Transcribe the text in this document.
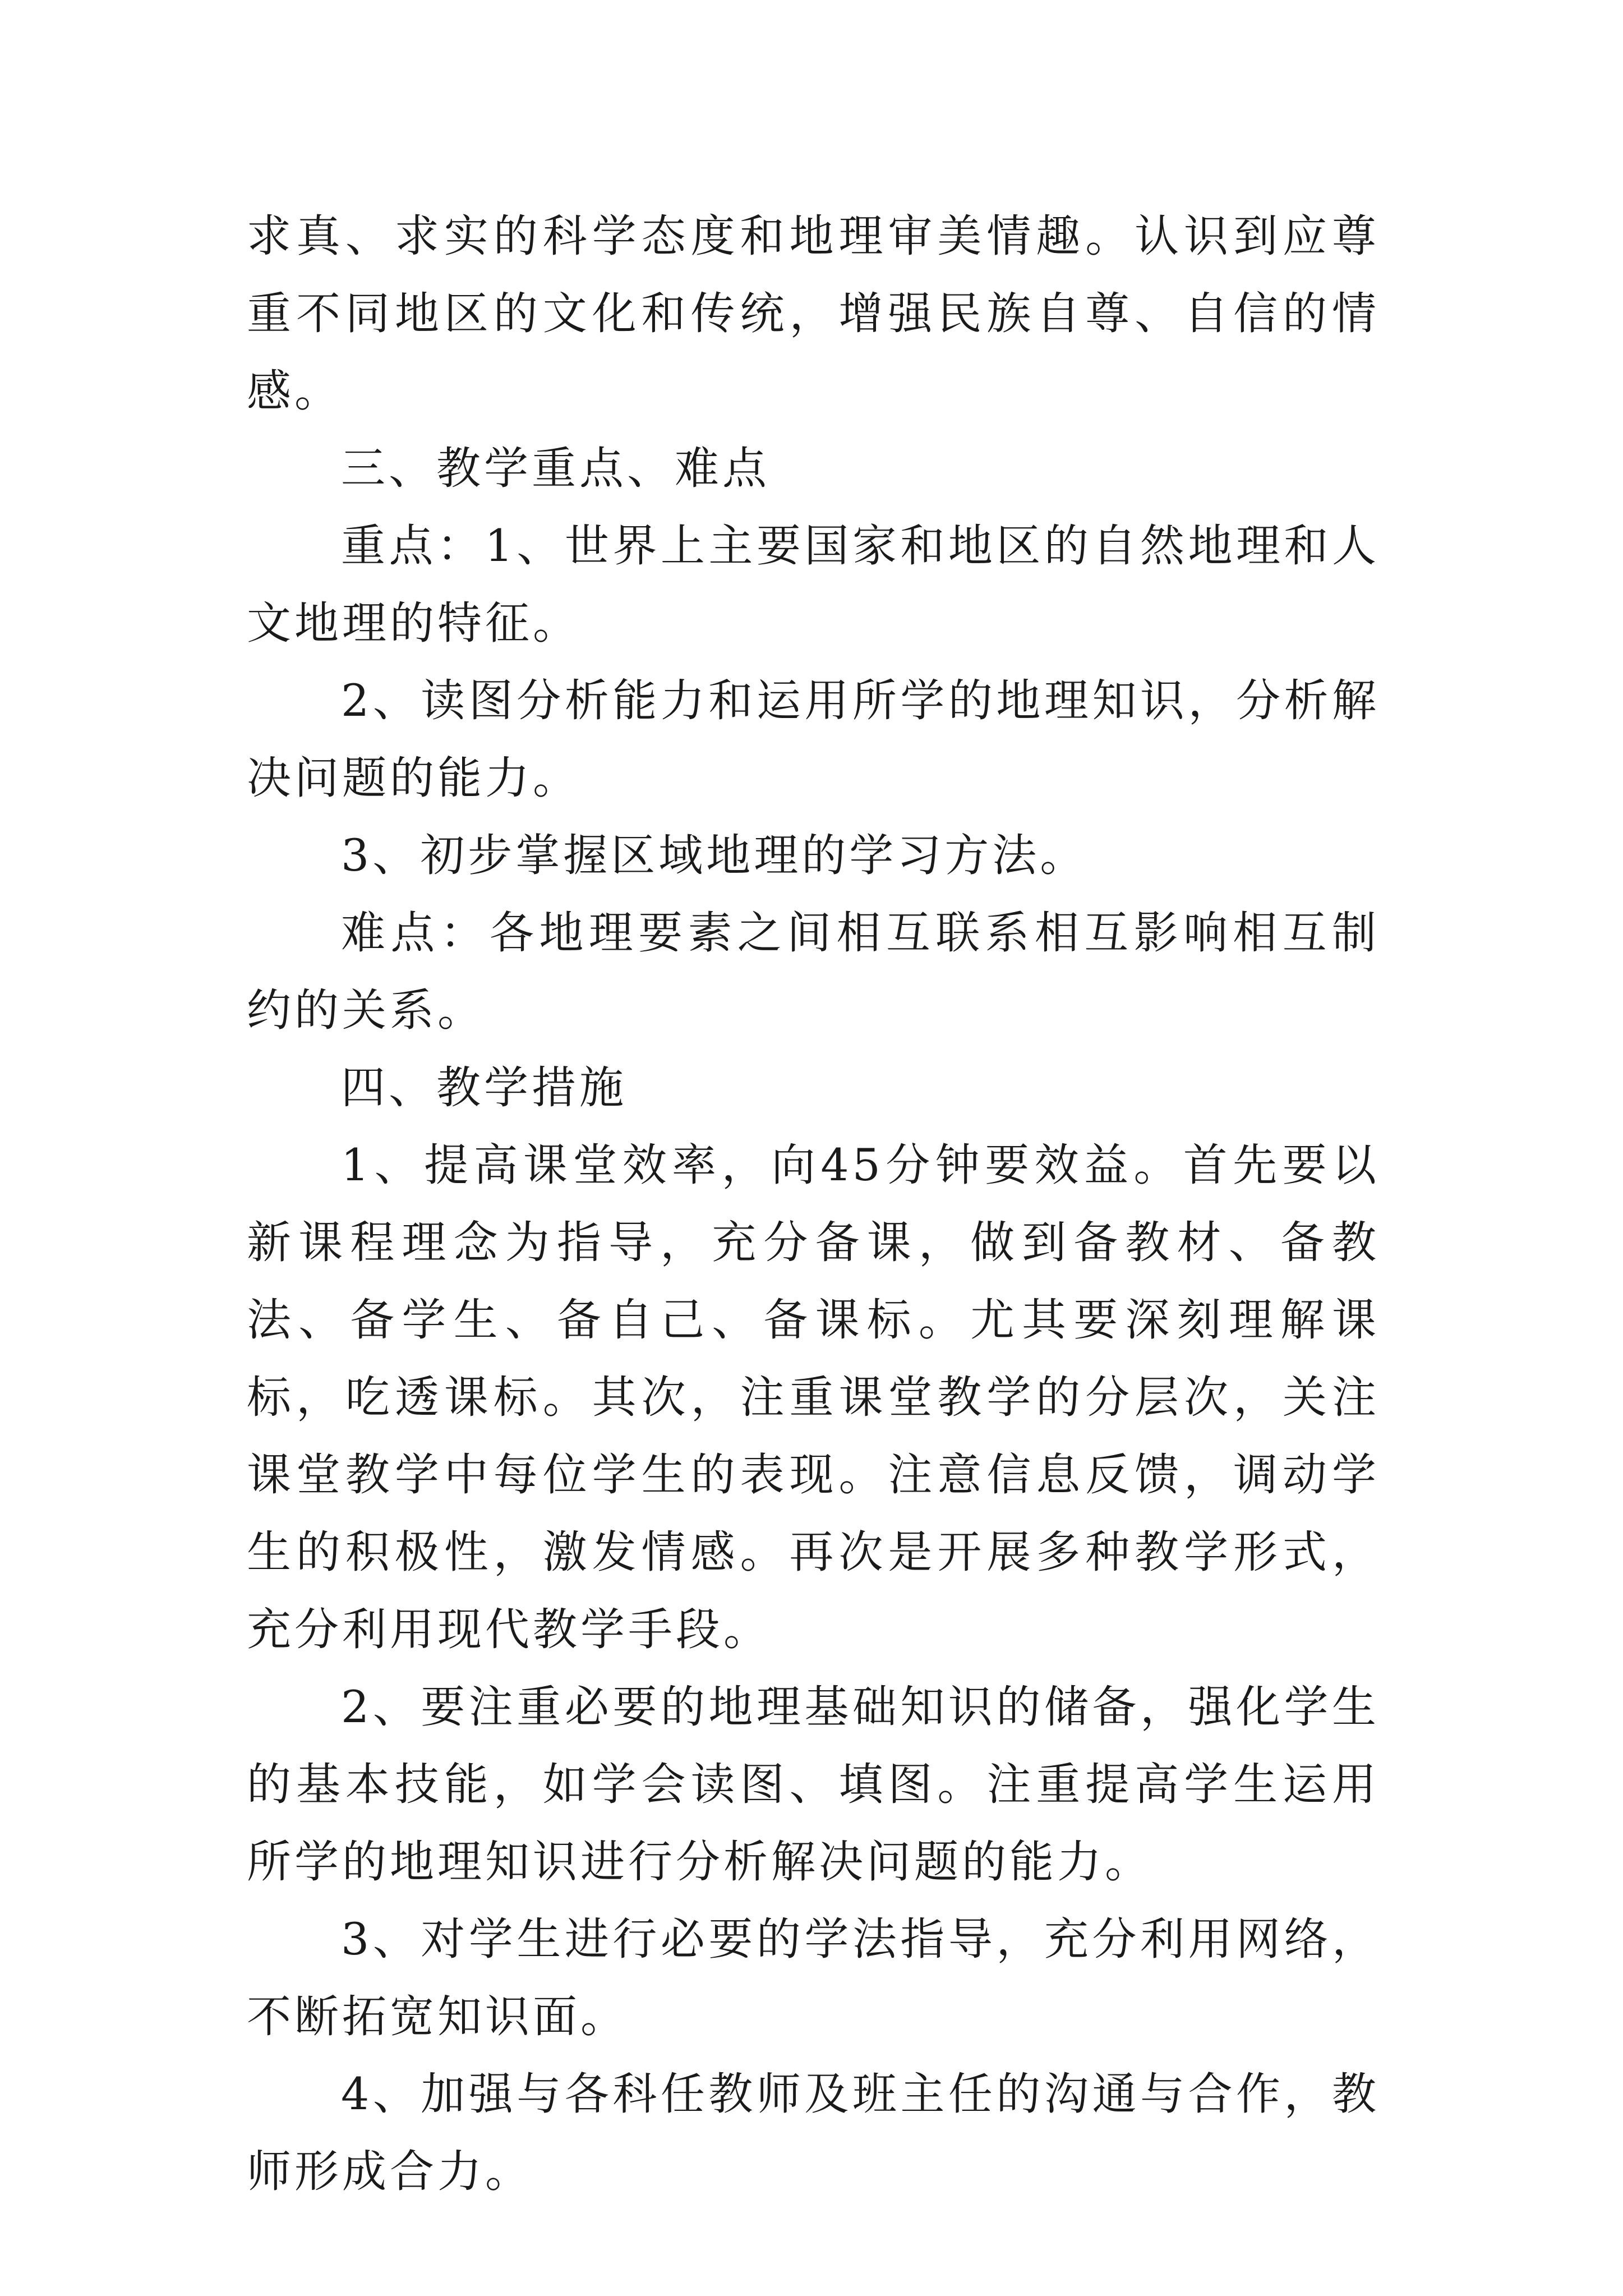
求真、求实的科学态度和地理审美情趣。认识到应尊重不同地区的文化和传统，增强民族自尊、自信的情感。

三、教学重点、难点

重点：1、世界上主要国家和地区的自然地理和人文地理的特征。

2、读图分析能力和运用所学的地理知识，分析解决问题的能力。

3、初步掌握区域地理的学习方法。

难点：各地理要素之间相互联系相互影响相互制约的关系。

四、教学措施

1、提高课堂效率，向45分钟要效益。首先要以新课程理念为指导，充分备课，做到备教材、备教法、备学生、备自己、备课标。尤其要深刻理解课标，吃透课标。其次，注重课堂教学的分层次，关注课堂教学中每位学生的表现。注意信息反馈，调动学生的积极性，激发情感。再次是开展多种教学形式，充分利用现代教学手段。

2、要注重必要的地理基础知识的储备，强化学生的基本技能，如学会读图、填图。注重提高学生运用所学的地理知识进行分析解决问题的能力。

3、对学生进行必要的学法指导，充分利用网络，不断拓宽知识面。

4、加强与各科任教师及班主任的沟通与合作，教师形成合力。
